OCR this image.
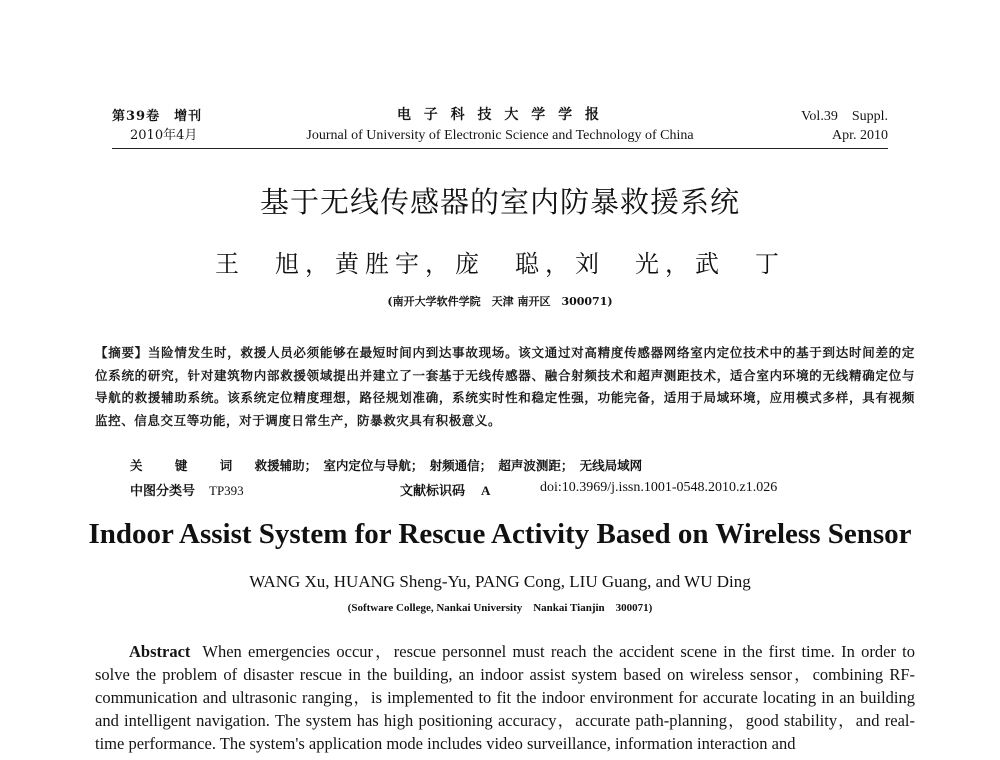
第39卷　增刊
2010年4月
电 子 科 技 大 学 学 报
Journal of University of Electronic Science and Technology of China
Vol.39　Suppl.
Apr. 2010
基于无线传感器的室内防暴救援系统
王　旭，黄胜宇，庞　聪，刘　光，武　丁
(南开大学软件学院　天津 南开区　300071)
【摘要】当险情发生时，救援人员必须能够在最短时间内到达事故现场。该文通过对高精度传感器网络室内定位技术中的基于到达时间差的定位系统的研究，针对建筑物内部救援领域提出并建立了一套基于无线传感器、融合射频技术和超声测距技术，适合室内环境的无线精确定位与导航的救援辅助系统。该系统定位精度理想，路径规划准确，系统实时性和稳定性强，功能完备，适用于局域环境，应用模式多样，具有视频监控、信息交互等功能，对于调度日常生产，防暴救灾具有积极意义。
关 键 词 救援辅助；　室内定位与导航；　射频通信；　超声波测距；　无线局域网
中图分类号 TP393	文献标识码 A	doi:10.3969/j.issn.1001-0548.2010.z1.026
Indoor Assist System for Rescue Activity Based on Wireless Sensor
WANG Xu, HUANG Sheng-Yu, PANG Cong, LIU Guang, and WU Ding
(Software College, Nankai University　Nankai Tianjin　300071)
Abstract When emergencies occur，rescue personnel must reach the accident scene in the first time. In order to solve the problem of disaster rescue in the building, an indoor assist system based on wireless sensor，combining RF-communication and ultrasonic ranging，is implemented to fit the indoor environment for accurate locating in an building and intelligent navigation. The system has high positioning accuracy，accurate path-planning，good stability，and real-time performance. The system's application mode includes video surveillance, information interaction and
